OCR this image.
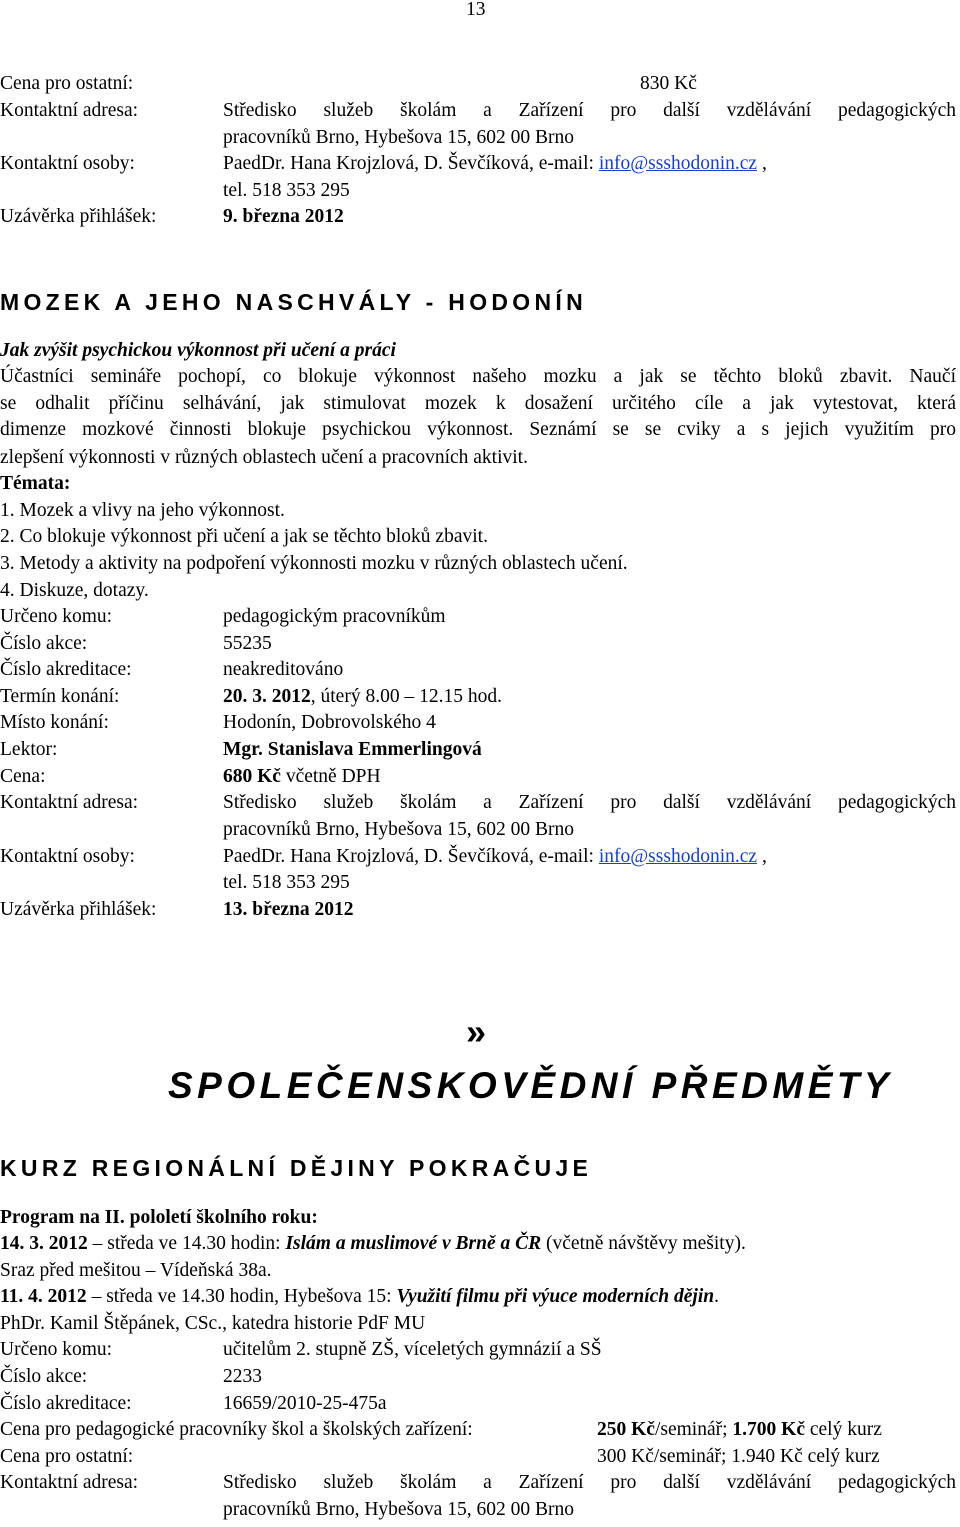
13
Cena pro ostatní:	830 Kč
Kontaktní adresa:	Středisko služeb školám a Zařízení pro další vzdělávání pedagogických
pracovníků Brno, Hybešova 15, 602 00 Brno
Kontaktní osoby:	PaedDr. Hana Krojzlová, D. Ševčíková, e-mail: info@ssshodonin.cz ,
tel. 518 353 295
Uzávěrka přihlášek:	9. března 2012
MOZEK A JEHO NASCHVÁLY - HODONÍN
Jak zvýšit psychickou výkonnost při učení a práci
Účastníci semináře pochopí, co blokuje výkonnost našeho mozku a jak se těchto bloků zbavit. Naučí
se odhalit příčinu selhávání, jak stimulovat mozek k dosažení určitého cíle a jak vytestovat, která
dimenze mozkové činnosti blokuje psychickou výkonnost. Seznámí se se cviky a s jejich využitím pro
zlepšení výkonnosti v různých oblastech učení a pracovních aktivit.
Témata:
1. Mozek a vlivy na jeho výkonnost.
2. Co blokuje výkonnost při učení a jak se těchto bloků zbavit.
3. Metody a aktivity na podpoření výkonnosti mozku v různých oblastech učení.
4. Diskuze, dotazy.
Určeno komu:	pedagogickým pracovníkům
Číslo akce:	55235
Číslo akreditace:	neakreditováno
Termín konání:	20. 3. 2012, úterý 8.00 – 12.15 hod.
Místo konání:	Hodonín, Dobrovolského 4
Lektor:	Mgr. Stanislava Emmerlingová
Cena:	680 Kč včetně DPH
Kontaktní adresa:	Středisko služeb školám a Zařízení pro další vzdělávání pedagogických
pracovníků Brno, Hybešova 15, 602 00 Brno
Kontaktní osoby:	PaedDr. Hana Krojzlová, D. Ševčíková, e-mail: info@ssshodonin.cz ,
tel. 518 353 295
Uzávěrka přihlášek:	13. března 2012
»
SPOLEČENSKOVĚDNÍ PŘEDMĚTY
KURZ REGIONÁLNÍ DĚJINY POKRAČUJE
Program na II. pololetí školního roku:
14. 3. 2012 – středa ve 14.30 hodin: Islám a muslimové v Brně a ČR (včetně návštěvy mešity).
Sraz před mešitou – Vídeňská 38a.
11. 4. 2012 – středa ve 14.30 hodin, Hybešova 15: Využití filmu při výuce moderních dějin.
PhDr. Kamil Štěpánek, CSc., katedra historie PdF MU
Určeno komu:	učitelům 2. stupně ZŠ, víceletých gymnázií a SŠ
Číslo akce:	2233
Číslo akreditace:	16659/2010-25-475a
Cena pro pedagogické pracovníky škol a školských zařízení:	250 Kč/seminář; 1.700 Kč celý kurz
Cena pro ostatní:	300 Kč/seminář; 1.940 Kč celý kurz
Kontaktní adresa:	Středisko služeb školám a Zařízení pro další vzdělávání pedagogických
pracovníků Brno, Hybešova 15, 602 00 Brno
